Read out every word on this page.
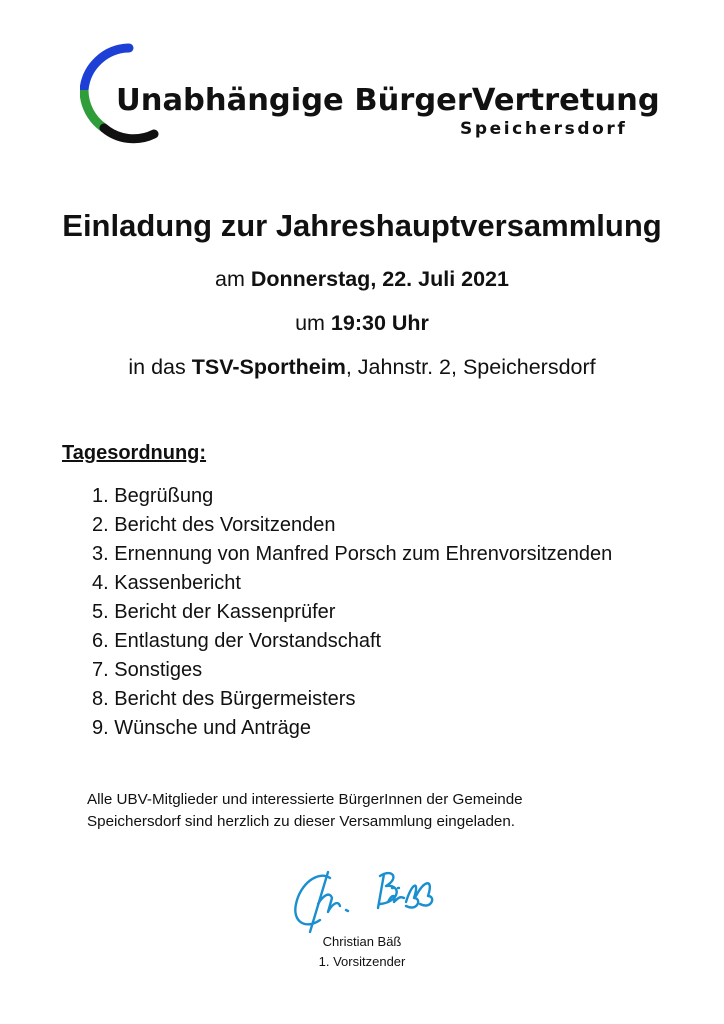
Unabhängige BürgerVertretung
Speichersdorf
Einladung zur Jahreshauptversammlung

am Donnerstag, 22. Juli 2021

um 19:30 Uhr

in das TSV-Sportheim, Jahnstr. 2, Speichersdorf

Tagesordnung:
1. Begrüßung
2. Bericht des Vorsitzenden
3. Ernennung von Manfred Porsch zum Ehrenvorsitzenden
4. Kassenbericht
5. Bericht der Kassenprüfer
6. Entlastung der Vorstandschaft
7. Sonstiges
8. Bericht des Bürgermeisters
9. Wünsche und Anträge

Alle UBV-Mitglieder und interessierte BürgerInnen der Gemeinde
Speichersdorf sind herzlich zu dieser Versammlung eingeladen.

Christian Bäß

1. Vorsitzender
